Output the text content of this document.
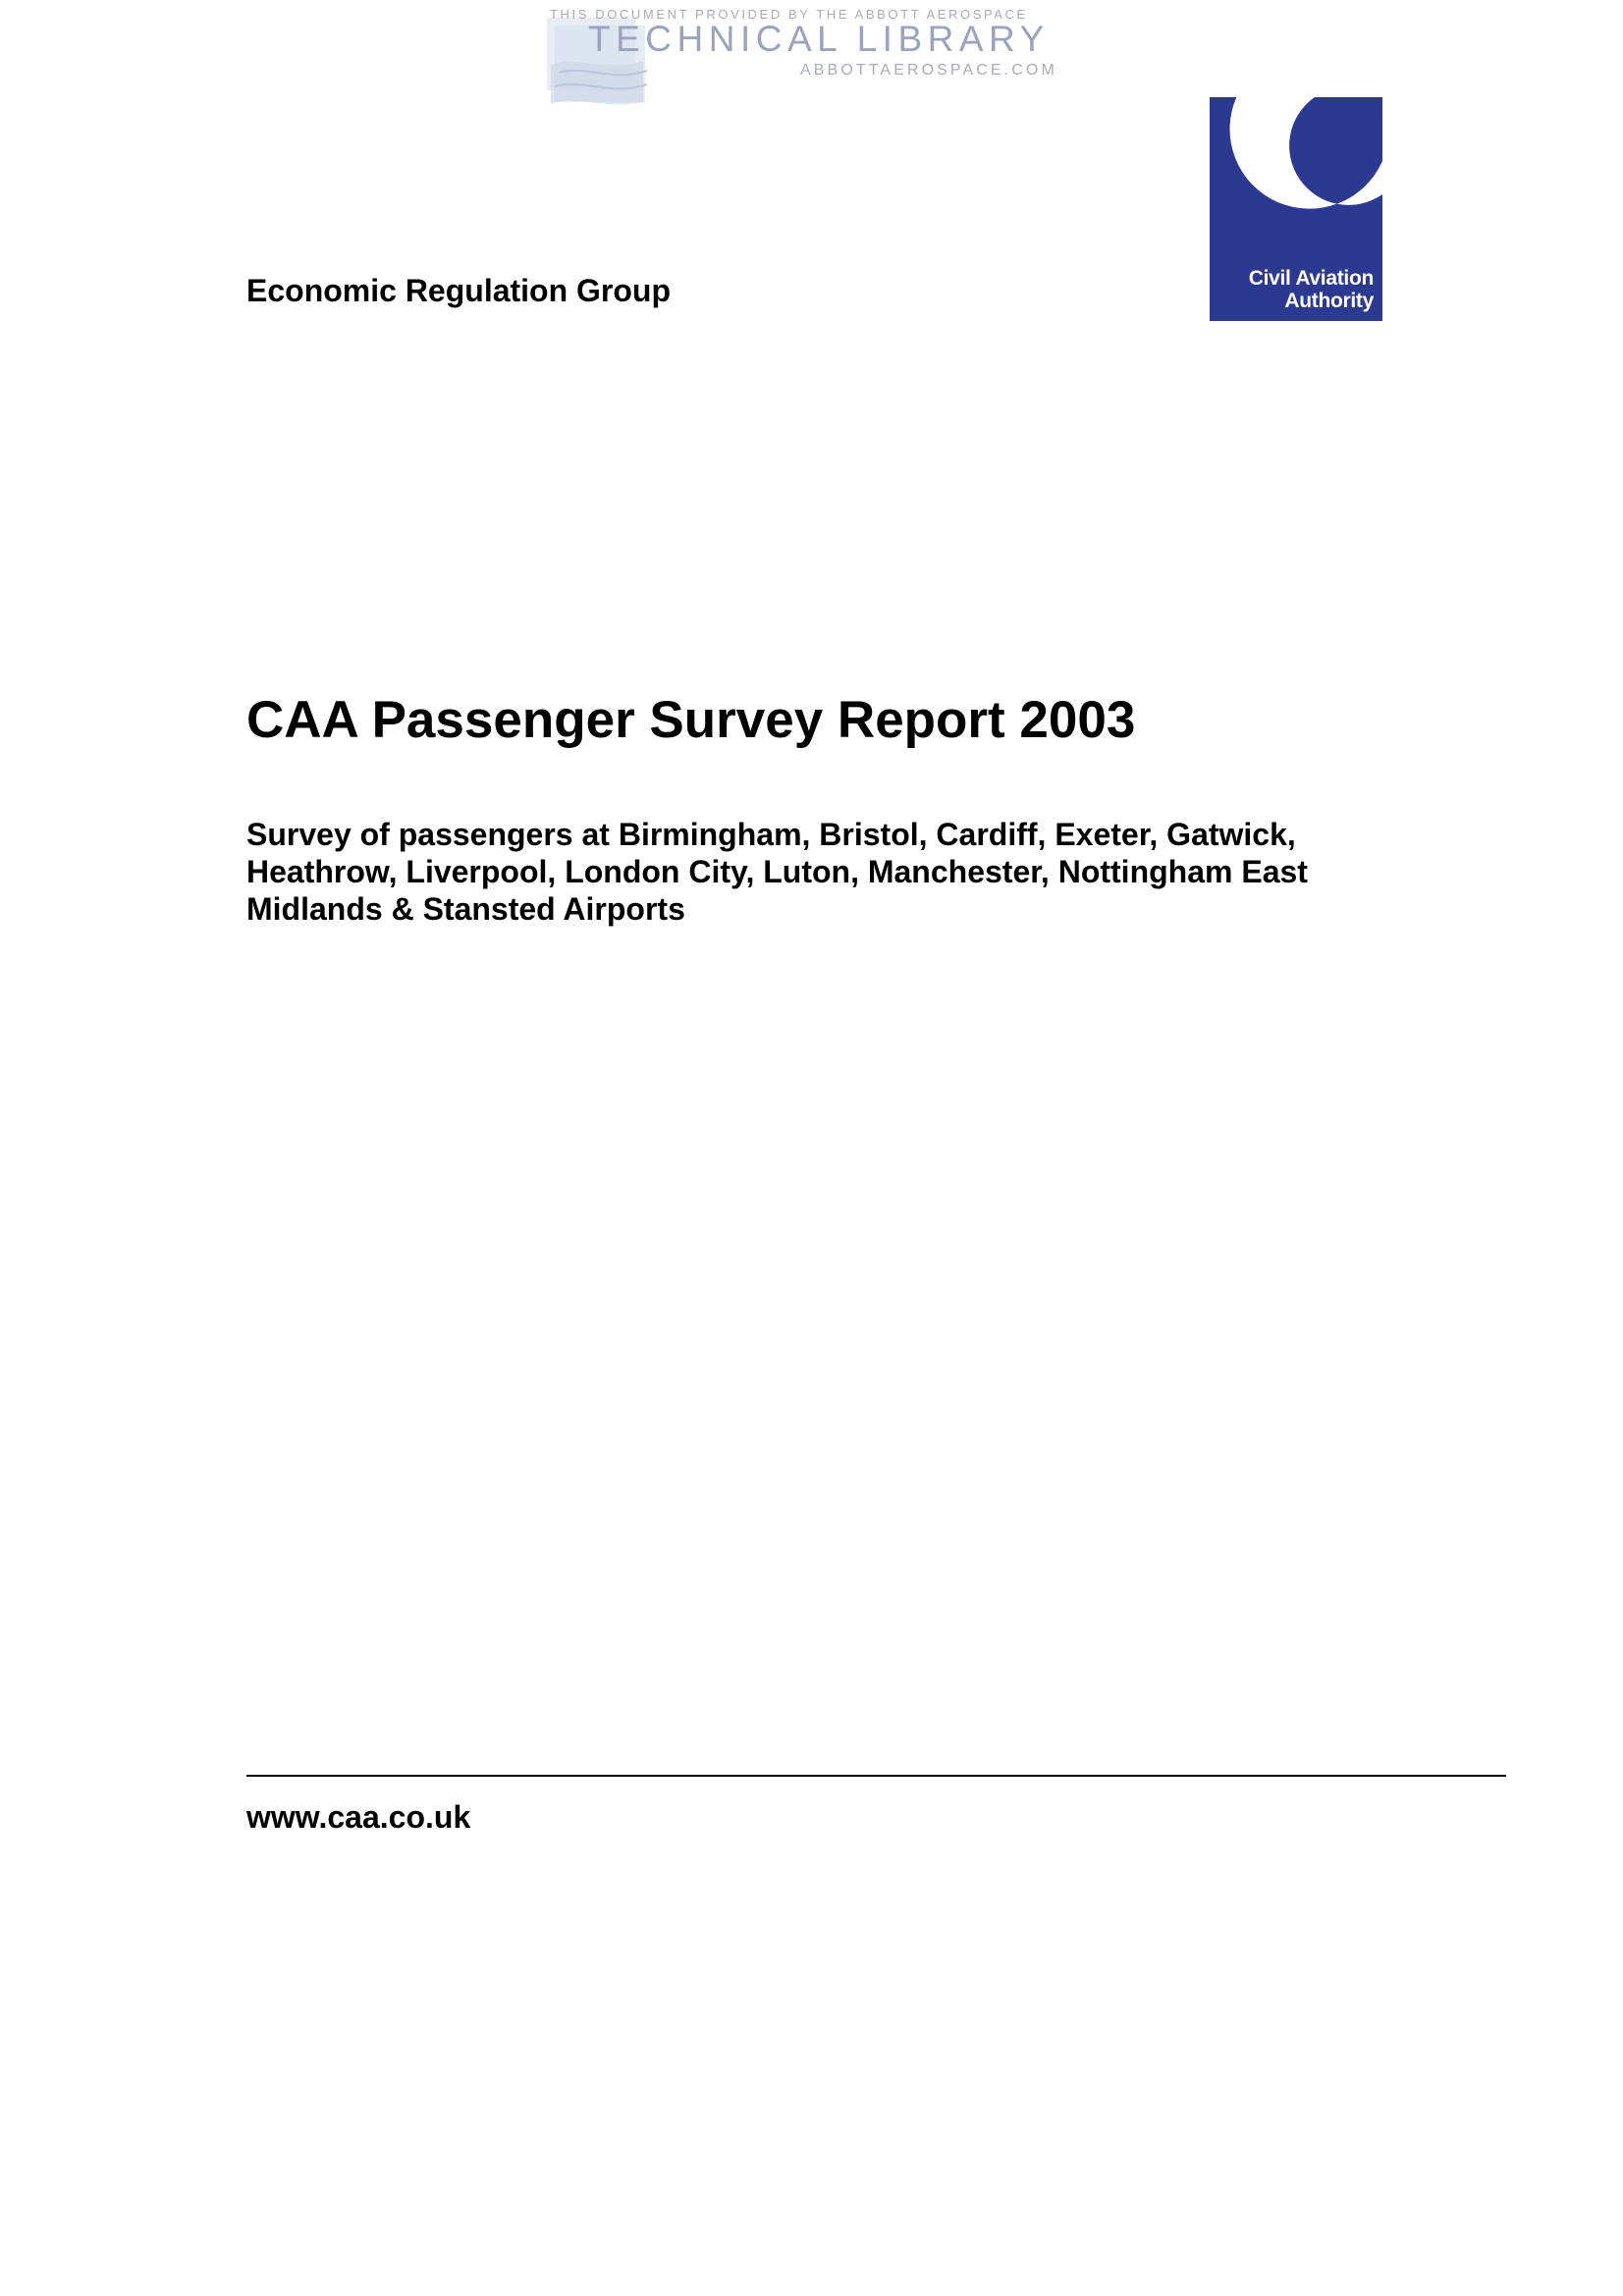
THIS DOCUMENT PROVIDED BY THE ABBOTT AEROSPACE
TECHNICAL LIBRARY
ABBOTTAEROSPACE.COM
Civil Aviation
Authority
Economic Regulation Group
CAA Passenger Survey Report 2003
Survey of passengers at Birmingham, Bristol, Cardiff, Exeter, Gatwick, Heathrow, Liverpool, London City, Luton, Manchester, Nottingham East Midlands & Stansted Airports
www.caa.co.uk
